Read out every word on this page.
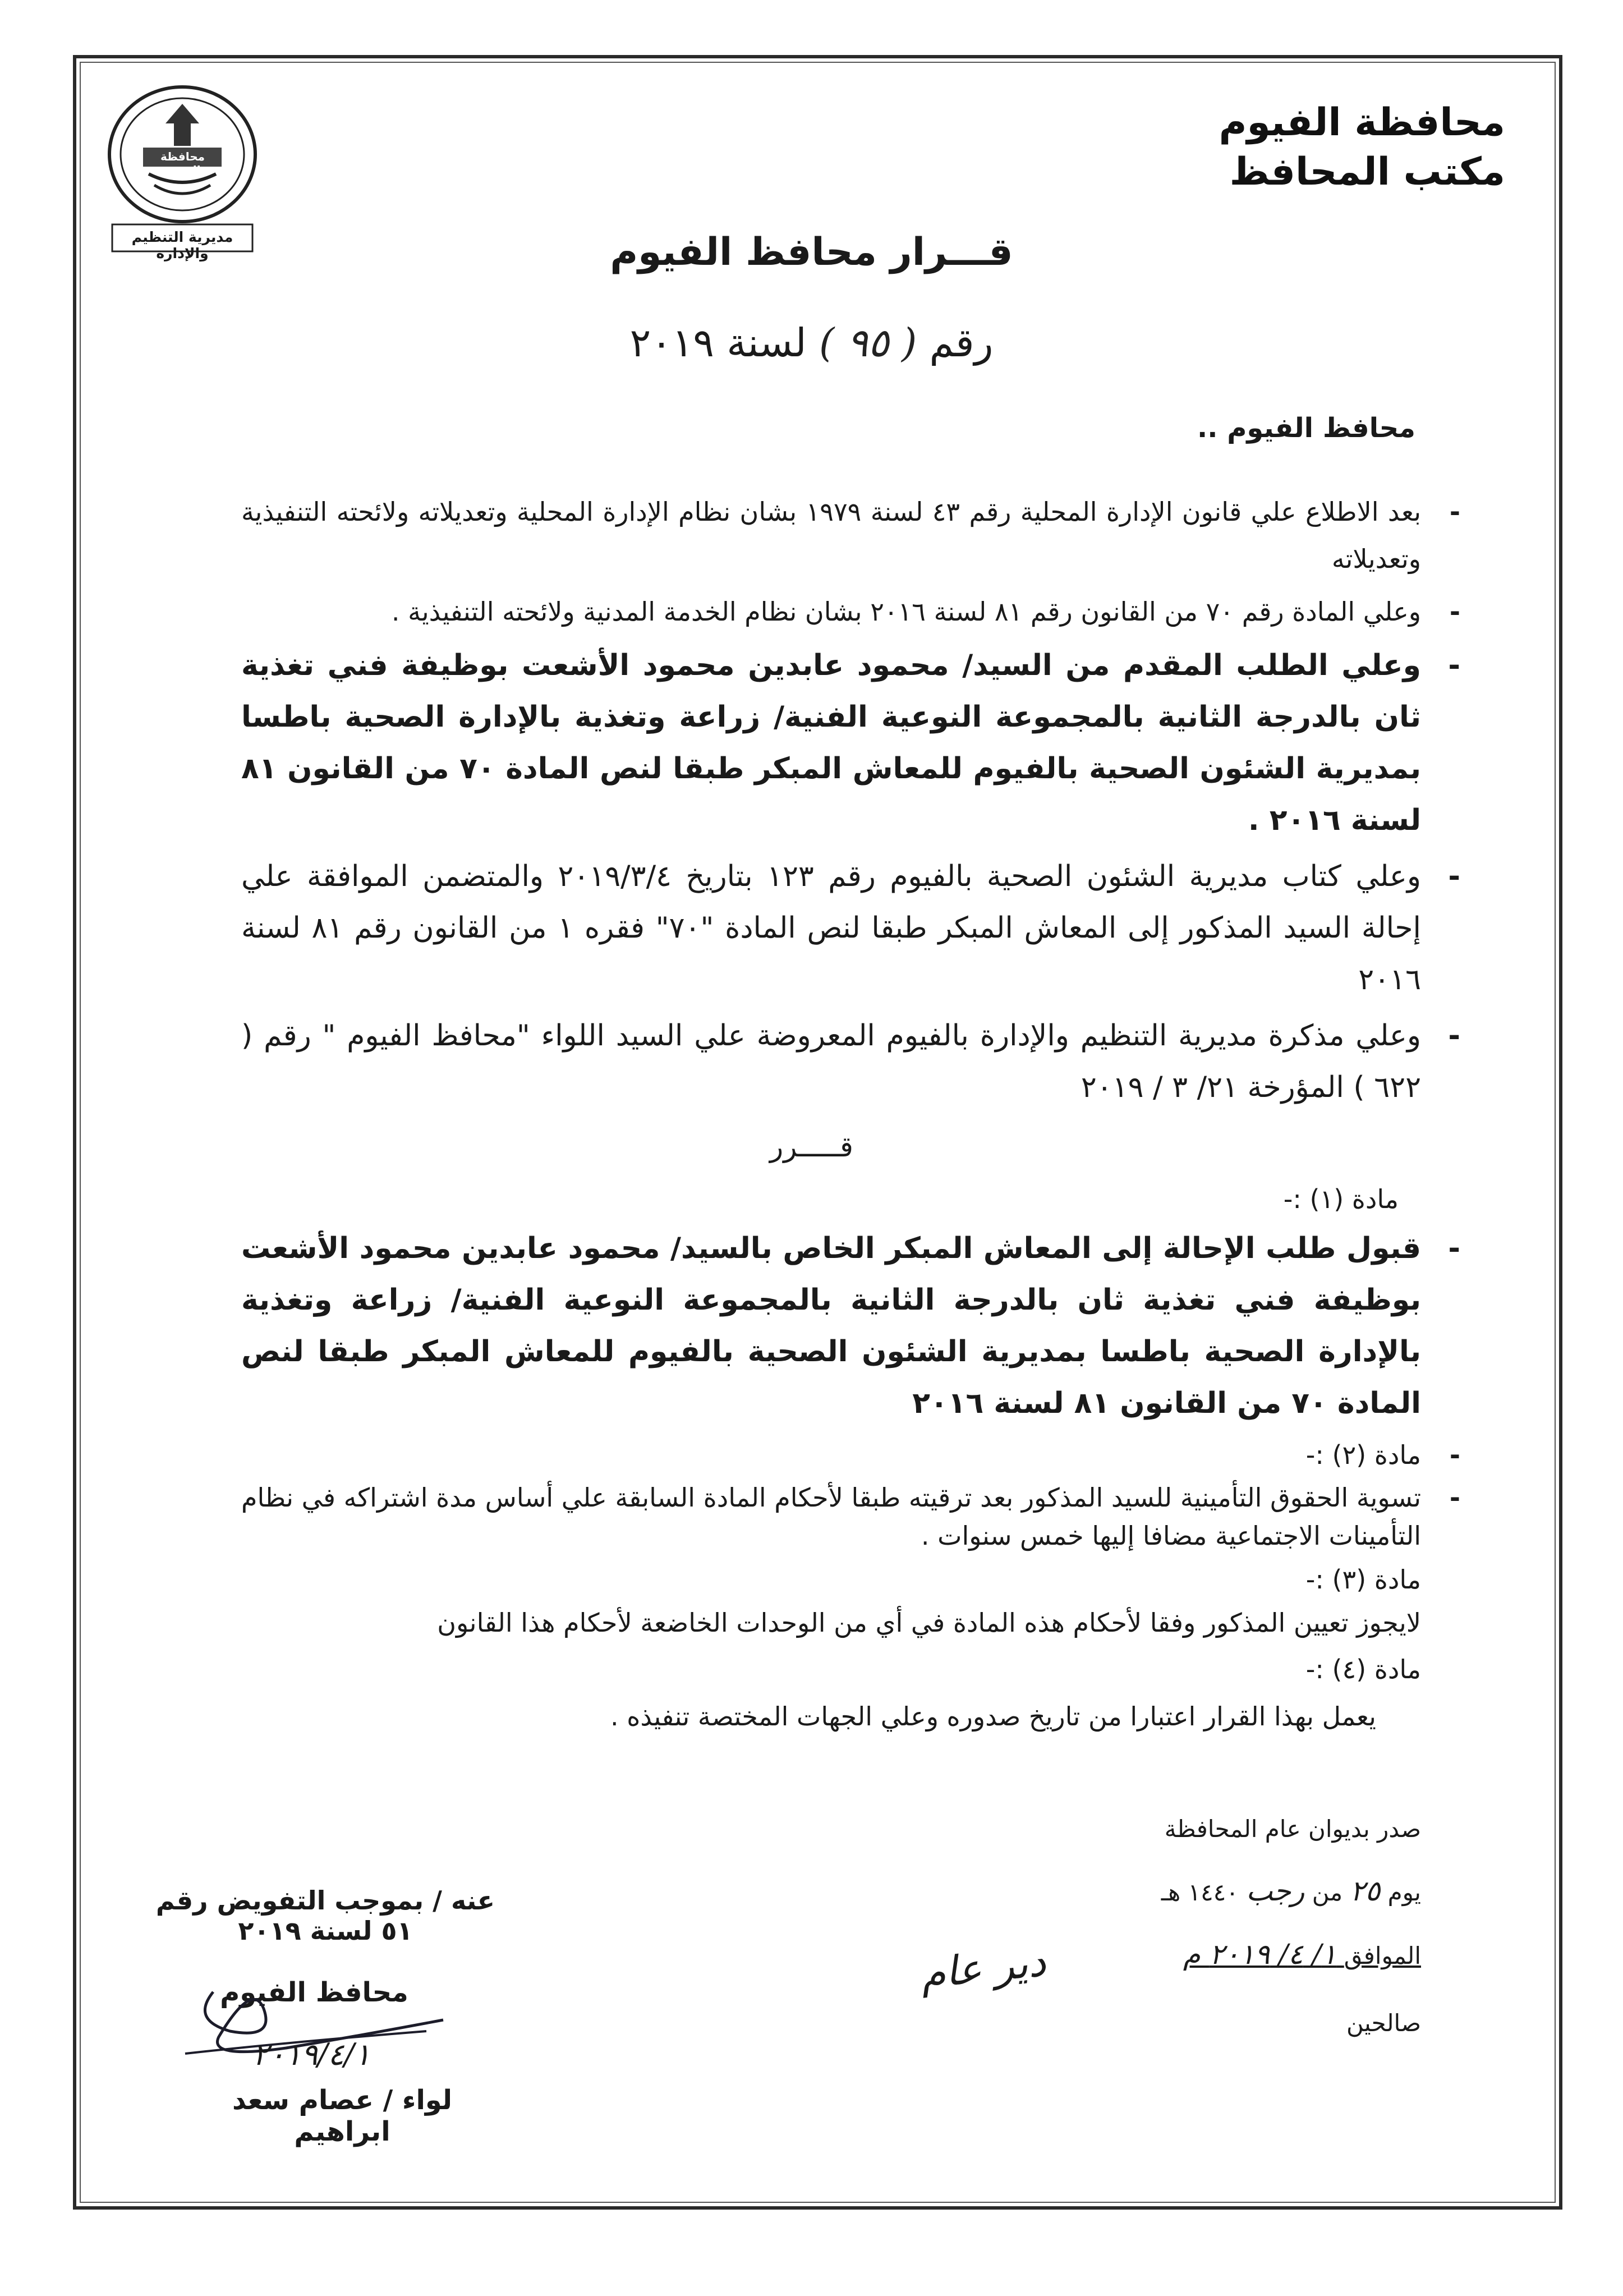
محافظة الفيوم
مكتب المحافظ
محافظة الفيوم
مديرية التنظيم والإدارة	قـــرار محافظ الفيوم
رقم ( ٩٥ ) لسنة ٢٠١٩
محافظ الفيوم ..
-
بعد الاطلاع علي قانون الإدارة المحلية رقم ٤٣ لسنة ١٩٧٩ بشان نظام الإدارة المحلية وتعديلاته ولائحته التنفيذية وتعديلاته
-
وعلي المادة رقم ٧٠ من القانون رقم ٨١ لسنة ٢٠١٦ بشان نظام الخدمة المدنية ولائحته التنفيذية .
-
وعلي الطلب المقدم من السيد/ محمود عابدين محمود الأشعت بوظيفة فني تغذية ثان بالدرجة الثانية بالمجموعة النوعية الفنية/ زراعة وتغذية بالإدارة الصحية باطسا بمديرية الشئون الصحية بالفيوم للمعاش المبكر طبقا لنص المادة ٧٠ من القانون ٨١ لسنة ٢٠١٦ .
-
وعلي كتاب مديرية الشئون الصحية بالفيوم رقم ١٢٣ بتاريخ ٢٠١٩/٣/٤ والمتضمن الموافقة علي إحالة السيد المذكور إلى المعاش المبكر طبقا لنص المادة "٧٠" فقره ١ من القانون رقم ٨١ لسنة ٢٠١٦
-
وعلي مذكرة مديرية التنظيم والإدارة بالفيوم المعروضة علي السيد اللواء "محافظ الفيوم " رقم ( ٦٢٢ ) المؤرخة ٢١/ ٣ / ٢٠١٩
قـــــرر
مادة (١) :-
-
قبول طلب الإحالة إلى المعاش المبكر الخاص بالسيد/ محمود عابدين محمود الأشعت بوظيفة فني تغذية ثان بالدرجة الثانية بالمجموعة النوعية الفنية/ زراعة وتغذية بالإدارة الصحية باطسا بمديرية الشئون الصحية بالفيوم للمعاش المبكر طبقا لنص المادة ٧٠ من القانون ٨١ لسنة ٢٠١٦
-
مادة (٢) :-
-
تسوية الحقوق التأمينية للسيد المذكور بعد ترقيته طبقا لأحكام المادة السابقة علي أساس مدة اشتراكه في نظام التأمينات الاجتماعية مضافا إليها خمس سنوات .
مادة (٣) :-
لايجوز تعيين المذكور وفقا لأحكام هذه المادة في أي من الوحدات الخاضعة لأحكام هذا القانون
مادة (٤) :-
يعمل بهذا القرار اعتبارا من تاريخ صدوره وعلي الجهات المختصة تنفيذه .
صدر بديوان عام المحافظة
يوم ٢٥ من رجب ١٤٤٠ هـ
الموافق ١/ ٤/ ٢٠١٩ م
صالحين
دير عام
عنه / بموجب التفويض رقم ٥١ لسنة ٢٠١٩
محافظ الفيوم
٢٠١٩/٤/١
لواء / عصام سعد ابراهيم
